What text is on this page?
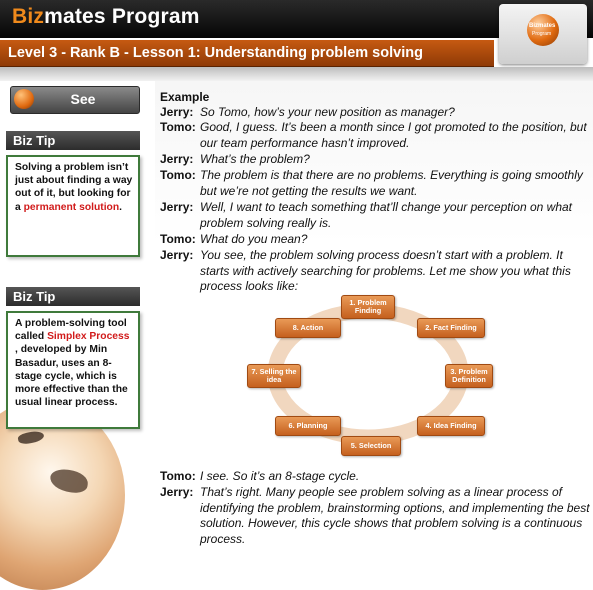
Bizmates Program
Level 3 - Rank B - Lesson 1: Understanding problem solving
Bizmates
Program
See
Biz Tip
Solving a problem isn’t just about finding a way out of it, but looking for a permanent solution.
Biz Tip
A problem-solving tool called Simplex Process , developed by Min Basadur, uses an 8-stage cycle, which is more effective than the usual linear process.
Example
Jerry: So Tomo, how’s your new position as manager?
Tomo: Good, I guess. It’s been a month since I got promoted to the position, but our team performance hasn’t improved.
Jerry: What’s the problem?
Tomo: The problem is that there are no problems. Everything is going smoothly but we’re not getting the results we want.
Jerry: Well, I want to teach something that’ll change your perception on what problem solving really is.
Tomo: What do you mean?
Jerry: You see, the problem solving process doesn’t start with a problem. It starts with actively searching for problems. Let me show you what this process looks like:
1. Problem Finding
2. Fact Finding
3. Problem Definition
4. Idea Finding
5. Selection
6. Planning
7. Selling the idea
8. Action
Tomo: I see. So it’s an 8-stage cycle.
Jerry: That’s right. Many people see problem solving as a linear process of identifying the problem, brainstorming options, and implementing the best solution. However, this cycle shows that problem solving is a continuous process.
